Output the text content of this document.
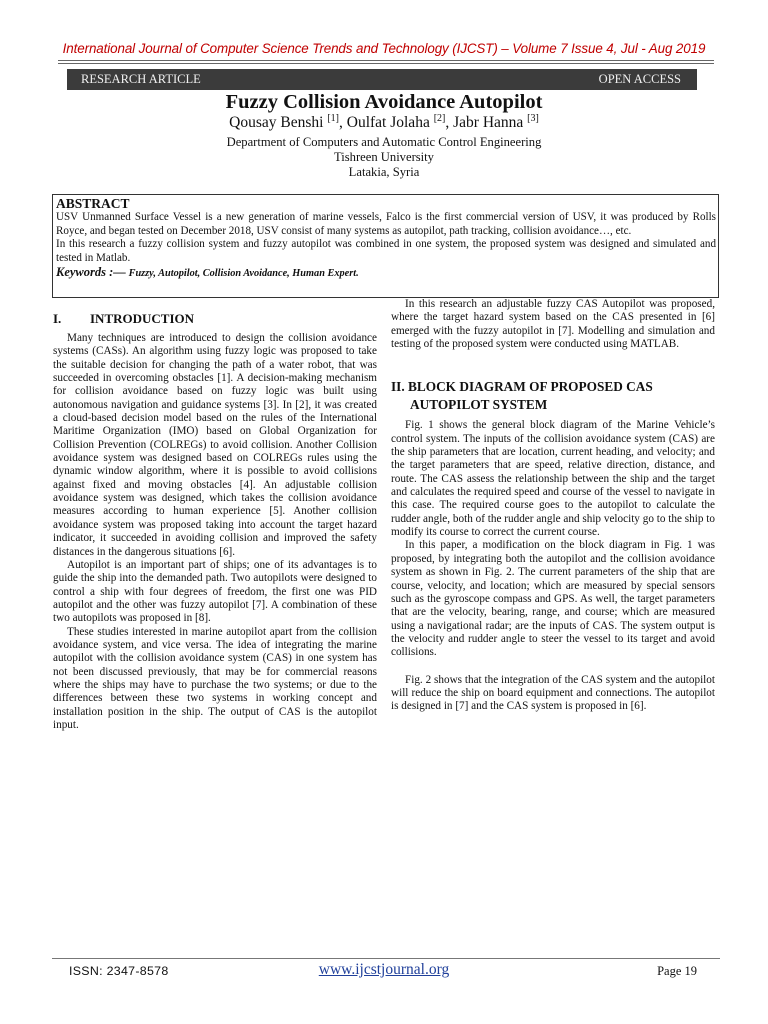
International Journal of Computer Science Trends and Technology (IJCST) – Volume 7 Issue 4, Jul - Aug 2019
RESEARCH ARTICLE	OPEN ACCESS
Fuzzy Collision Avoidance Autopilot
Qousay Benshi [1], Oulfat Jolaha [2], Jabr Hanna [3]
Department of Computers and Automatic Control Engineering
Tishreen University
Latakia, Syria
ABSTRACT
USV Unmanned Surface Vessel is a new generation of marine vessels, Falco is the first commercial version of USV, it was produced by Rolls Royce, and began tested on December 2018, USV consist of many systems as autopilot, path tracking, collision avoidance…, etc.
In this research a fuzzy collision system and fuzzy autopilot was combined in one system, the proposed system was designed and simulated and tested in Matlab.
Keywords :— Fuzzy, Autopilot, Collision Avoidance, Human Expert.
I. INTRODUCTION

Many techniques are introduced to design the collision avoidance systems (CASs). An algorithm using fuzzy logic was proposed to take the suitable decision for changing the path of a water robot, that was succeeded in overcoming obstacles [1]. A decision-making mechanism for collision avoidance based on fuzzy logic was built using autonomous navigation and guidance systems [3]. In [2], it was created a cloud-based decision model based on the rules of the International Maritime Organization (IMO) based on Global Organization for Collision Prevention (COLREGs) to avoid collision. Another Collision avoidance system was designed based on COLREGs rules using the dynamic window algorithm, where it is possible to avoid collisions against fixed and moving obstacles [4]. An adjustable collision avoidance system was designed, which takes the collision avoidance measures according to human experience [5]. Another collision avoidance system was proposed taking into account the target hazard indicator, it succeeded in avoiding collision and improved the safety distances in the dangerous situations [6].

Autopilot is an important part of ships; one of its advantages is to guide the ship into the demanded path. Two autopilots were designed to control a ship with four degrees of freedom, the first one was PID autopilot and the other was fuzzy autopilot [7]. A combination of these two autopilots was proposed in [8].

These studies interested in marine autopilot apart from the collision avoidance system, and vice versa. The idea of integrating the marine autopilot with the collision avoidance system (CAS) in one system has not been discussed previously, that may be for commercial reasons where the ships may have to purchase the two systems; or due to the differences between these two systems in working concept and installation position in the ship. The output of CAS is the autopilot input.

In this research an adjustable fuzzy CAS Autopilot was proposed, where the target hazard system based on the CAS presented in [6] emerged with the fuzzy autopilot in [7]. Modelling and simulation and testing of the proposed system were conducted using MATLAB.

II. BLOCK DIAGRAM OF PROPOSED CAS
AUTOPILOT SYSTEM

Fig. 1 shows the general block diagram of the Marine Vehicle’s control system. The inputs of the collision avoidance system (CAS) are the ship parameters that are location, current heading, and velocity; and the target parameters that are speed, relative direction, distance, and route. The CAS assess the relationship between the ship and the target and calculates the required speed and course of the vessel to navigate in this case. The required course goes to the autopilot to calculate the rudder angle, both of the rudder angle and ship velocity go to the ship to modify its course to correct the current course.

In this paper, a modification on the block diagram in Fig. 1 was proposed, by integrating both the autopilot and the collision avoidance system as shown in Fig. 2. The current parameters of the ship that are course, velocity, and location; which are measured by special sensors such as the gyroscope compass and GPS. As well, the target parameters that are the velocity, bearing, range, and course; which are measured using a navigational radar; are the inputs of CAS. The system output is the velocity and rudder angle to steer the vessel to its target and avoid collisions.

Fig. 2 shows that the integration of the CAS system and the autopilot will reduce the ship on board equipment and connections. The autopilot is designed in [7] and the CAS system is proposed in [6].

ISSN: 2347-8578	www.ijcstjournal.org	Page 19
